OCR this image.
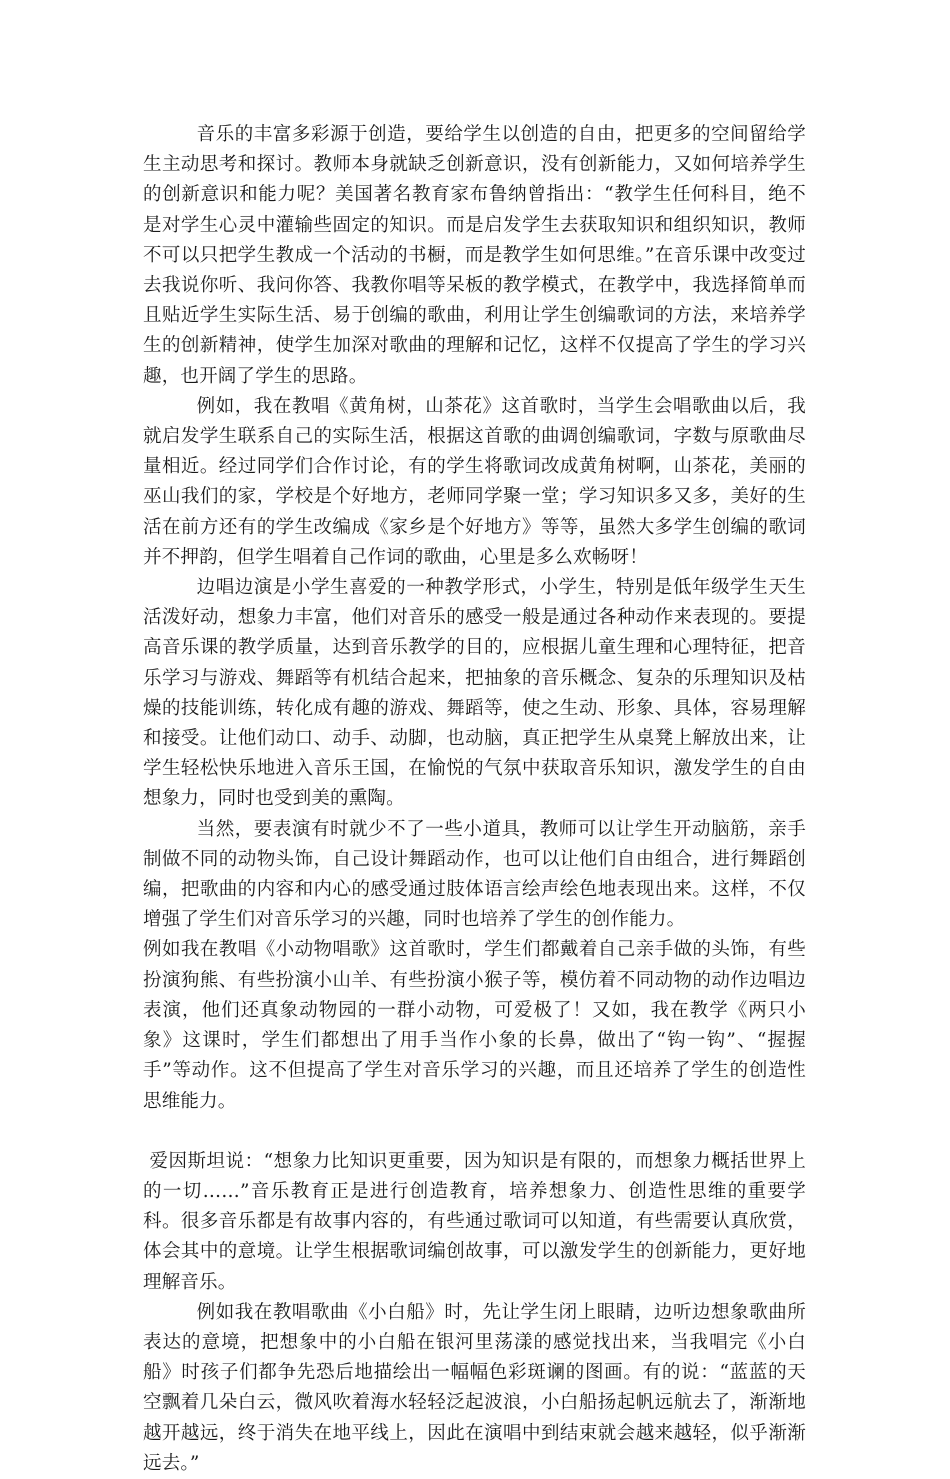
音乐的丰富多彩源于创造，要给学生以创造的自由，把更多的空间留给学生主动思考和探讨。教师本身就缺乏创新意识，没有创新能力，又如何培养学生的创新意识和能力呢？美国著名教育家布鲁纳曾指出：“教学生任何科目，绝不是对学生心灵中灌输些固定的知识。而是启发学生去获取知识和组织知识，教师不可以只把学生教成一个活动的书橱，而是教学生如何思维。”在音乐课中改变过去我说你听、我问你答、我教你唱等呆板的教学模式，在教学中，我选择简单而且贴近学生实际生活、易于创编的歌曲，利用让学生创编歌词的方法，来培养学生的创新精神，使学生加深对歌曲的理解和记忆，这样不仅提高了学生的学习兴趣，也开阔了学生的思路。

例如，我在教唱《黄角树，山茶花》这首歌时，当学生会唱歌曲以后，我就启发学生联系自己的实际生活，根据这首歌的曲调创编歌词，字数与原歌曲尽量相近。经过同学们合作讨论，有的学生将歌词改成黄角树啊，山茶花，美丽的巫山我们的家，学校是个好地方，老师同学聚一堂；学习知识多又多，美好的生活在前方还有的学生改编成《家乡是个好地方》等等，虽然大多学生创编的歌词并不押韵，但学生唱着自己作词的歌曲，心里是多么欢畅呀！

边唱边演是小学生喜爱的一种教学形式，小学生，特别是低年级学生天生活泼好动，想象力丰富，他们对音乐的感受一般是通过各种动作来表现的。要提高音乐课的教学质量，达到音乐教学的目的，应根据儿童生理和心理特征，把音乐学习与游戏、舞蹈等有机结合起来，把抽象的音乐概念、复杂的乐理知识及枯燥的技能训练，转化成有趣的游戏、舞蹈等，使之生动、形象、具体，容易理解和接受。让他们动口、动手、动脚，也动脑，真正把学生从桌凳上解放出来，让学生轻松快乐地进入音乐王国，在愉悦的气氛中获取音乐知识，激发学生的自由想象力，同时也受到美的熏陶。

当然，要表演有时就少不了一些小道具，教师可以让学生开动脑筋，亲手制做不同的动物头饰，自己设计舞蹈动作，也可以让他们自由组合，进行舞蹈创编，把歌曲的内容和内心的感受通过肢体语言绘声绘色地表现出来。这样，不仅增强了学生们对音乐学习的兴趣，同时也培养了学生的创作能力。

例如我在教唱《小动物唱歌》这首歌时，学生们都戴着自己亲手做的头饰，有些扮演狗熊、有些扮演小山羊、有些扮演小猴子等，模仿着不同动物的动作边唱边表演，他们还真象动物园的一群小动物，可爱极了！又如，我在教学《两只小象》这课时，学生们都想出了用手当作小象的长鼻，做出了“钩一钩”、“握握手”等动作。这不但提高了学生对音乐学习的兴趣，而且还培养了学生的创造性思维能力。

爱因斯坦说：“想象力比知识更重要，因为知识是有限的，而想象力概括世界上的一切……”音乐教育正是进行创造教育，培养想象力、创造性思维的重要学科。很多音乐都是有故事内容的，有些通过歌词可以知道，有些需要认真欣赏，体会其中的意境。让学生根据歌词编创故事，可以激发学生的创新能力，更好地理解音乐。

例如我在教唱歌曲《小白船》时，先让学生闭上眼睛，边听边想象歌曲所表达的意境，把想象中的小白船在银河里荡漾的感觉找出来，当我唱完《小白船》时孩子们都争先恐后地描绘出一幅幅色彩斑谰的图画。有的说：“蓝蓝的天空飘着几朵白云，微风吹着海水轻轻泛起波浪，小白船扬起帆远航去了，渐渐地越开越远，终于消失在地平线上，因此在演唱中到结束就会越来越轻，似乎渐渐远去。”
